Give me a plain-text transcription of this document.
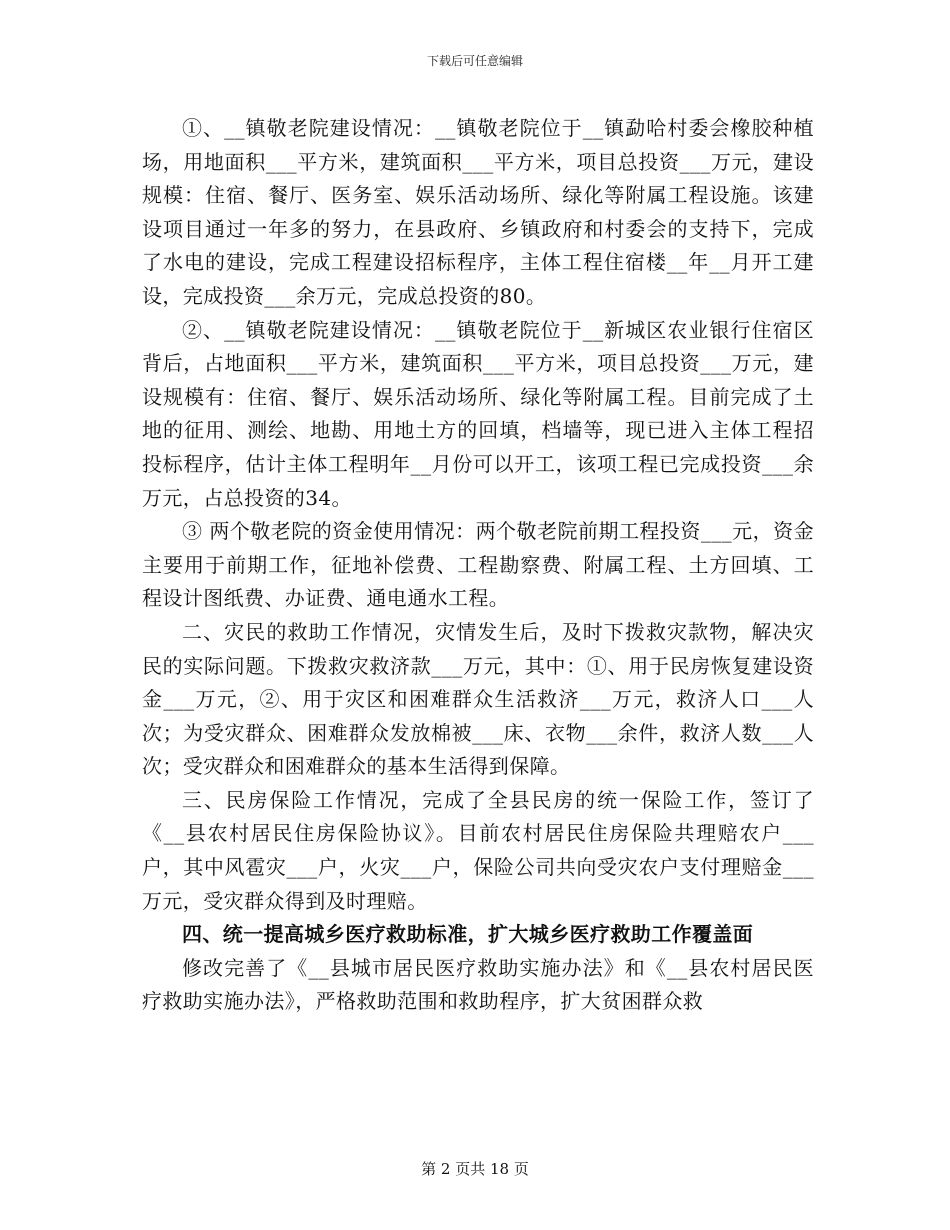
下载后可任意编辑

①、__镇敬老院建设情况：__镇敬老院位于__镇勐哈村委会橡胶种植场，用地面积___平方米，建筑面积___平方米，项目总投资___万元，建设规模：住宿、餐厅、医务室、娱乐活动场所、绿化等附属工程设施。该建设项目通过一年多的努力，在县政府、乡镇政府和村委会的支持下，完成了水电的建设，完成工程建设招标程序，主体工程住宿楼__年__月开工建设，完成投资___余万元，完成总投资的80。

②、__镇敬老院建设情况：__镇敬老院位于__新城区农业银行住宿区背后，占地面积___平方米，建筑面积___平方米，项目总投资___万元，建设规模有：住宿、餐厅、娱乐活动场所、绿化等附属工程。目前完成了土地的征用、测绘、地勘、用地土方的回填，档墙等，现已进入主体工程招投标程序，估计主体工程明年__月份可以开工，该项工程已完成投资___余万元，占总投资的34。

③ 两个敬老院的资金使用情况：两个敬老院前期工程投资___元，资金主要用于前期工作，征地补偿费、工程勘察费、附属工程、土方回填、工程设计图纸费、办证费、通电通水工程。

二、灾民的救助工作情况，灾情发生后，及时下拨救灾款物，解决灾民的实际问题。下拨救灾救济款___万元，其中：①、用于民房恢复建设资金___万元，②、用于灾区和困难群众生活救济___万元，救济人口___人次；为受灾群众、困难群众发放棉被___床、衣物___余件，救济人数___人次；受灾群众和困难群众的基本生活得到保障。

三、民房保险工作情况，完成了全县民房的统一保险工作，签订了《__县农村居民住房保险协议》。目前农村居民住房保险共理赔农户___户，其中风雹灾___户，火灾___户，保险公司共向受灾农户支付理赔金___万元，受灾群众得到及时理赔。

四、统一提高城乡医疗救助标准，扩大城乡医疗救助工作覆盖面

修改完善了《__县城市居民医疗救助实施办法》和《__县农村居民医疗救助实施办法》，严格救助范围和救助程序，扩大贫困群众救

第 2 页共 18 页
